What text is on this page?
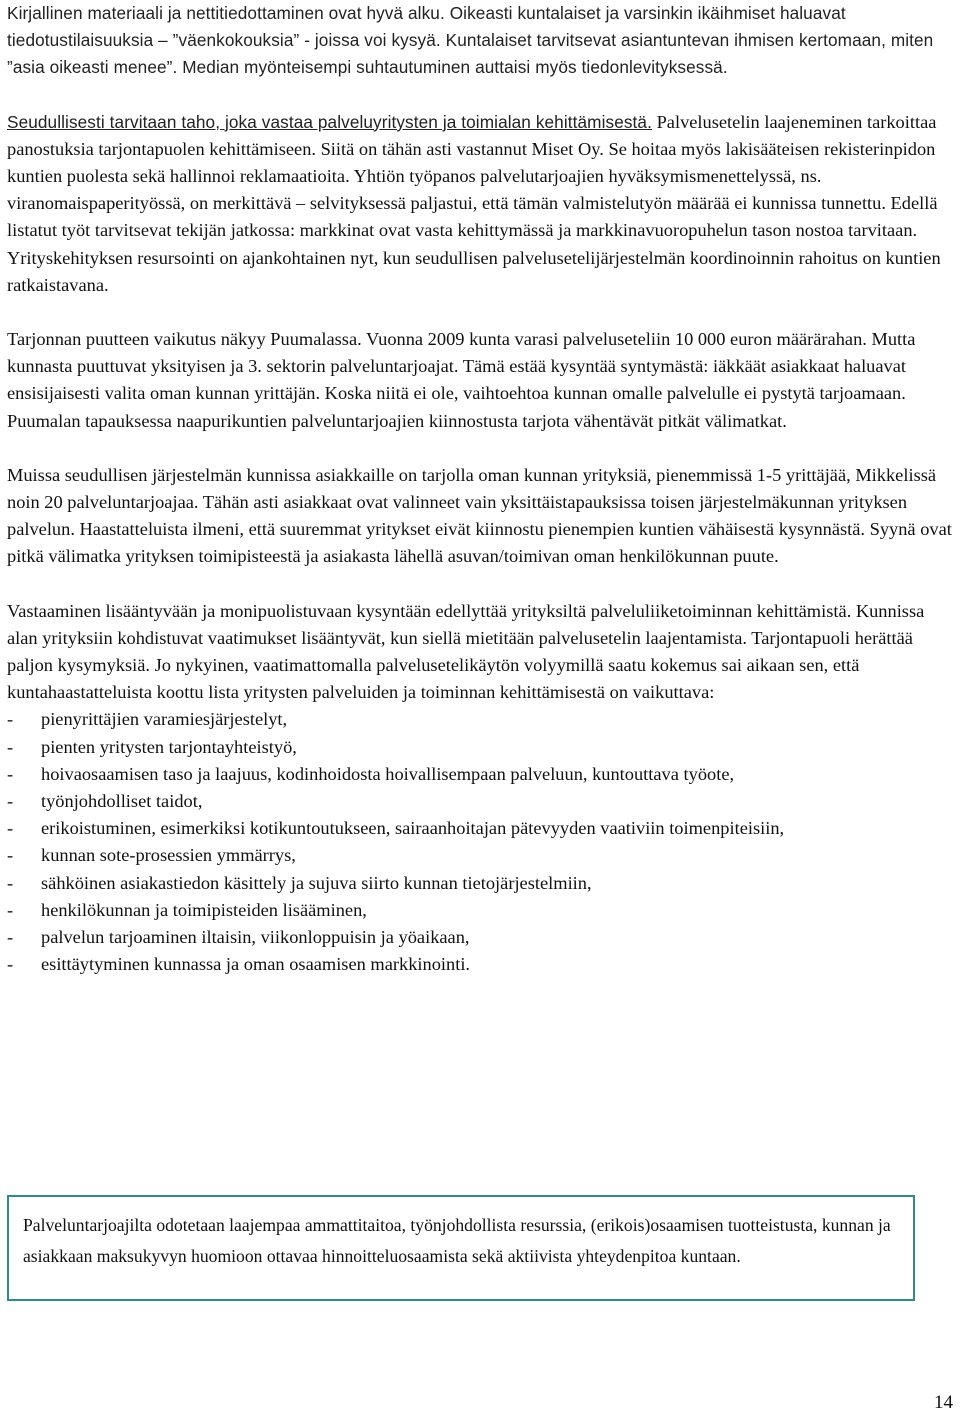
Kirjallinen materiaali ja nettitiedottaminen ovat hyvä alku. Oikeasti kuntalaiset ja varsinkin ikäihmiset haluavat tiedotustilaisuuksia – ”väenkokouksia” - joissa voi kysyä. Kuntalaiset tarvitsevat asiantuntevan ihmisen kertomaan, miten ”asia oikeasti menee”. Median myönteisempi suhtautuminen auttaisi myös tiedonlevityksessä.

Seudullisesti tarvitaan taho, joka vastaa palveluyritysten ja toimialan kehittämisestä. Palvelusetelin laajeneminen tarkoittaa panostuksia tarjontapuolen kehittämiseen. Siitä on tähän asti vastannut Miset Oy. Se hoitaa myös lakisääteisen rekisterinpidon kuntien puolesta sekä hallinnoi reklamaatioita. Yhtiön työpanos palvelutarjoajien hyväksymismenettelyssä, ns. viranomaispaperityössä, on merkittävä – selvityksessä paljastui, että tämän valmistelutyön määrää ei kunnissa tunnettu. Edellä listatut työt tarvitsevat tekijän jatkossa: markkinat ovat vasta kehittymässä ja markkinavuoropuhelun tason nostoa tarvitaan. Yrityskehityksen resursointi on ajankohtainen nyt, kun seudullisen palvelusetelijärjestelmän koordinoinnin rahoitus on kuntien ratkaistavana.

Tarjonnan puutteen vaikutus näkyy Puumalassa. Vuonna 2009 kunta varasi palveluseteliin 10 000 euron määrärahan. Mutta kunnasta puuttuvat yksityisen ja 3. sektorin palveluntarjoajat. Tämä estää kysyntää syntymästä: iäkkäät asiakkaat haluavat ensisijaisesti valita oman kunnan yrittäjän. Koska niitä ei ole, vaihtoehtoa kunnan omalle palvelulle ei pystytä tarjoamaan. Puumalan tapauksessa naapurikuntien palveluntarjoajien kiinnostusta tarjota vähentävät pitkät välimatkat.

Muissa seudullisen järjestelmän kunnissa asiakkaille on tarjolla oman kunnan yrityksiä, pienemmissä 1-5 yrittäjää, Mikkelissä noin 20 palveluntarjoajaa. Tähän asti asiakkaat ovat valinneet vain yksittäistapauksissa toisen järjestelmäkunnan yrityksen palvelun. Haastatteluista ilmeni, että suuremmat yritykset eivät kiinnostu pienempien kuntien vähäisestä kysynnästä. Syynä ovat pitkä välimatka yrityksen toimipisteestä ja asiakasta lähellä asuvan/toimivan oman henkilökunnan puute.

Vastaaminen lisääntyvään ja monipuolistuvaan kysyntään edellyttää yrityksiltä palveluliiketoiminnan kehittämistä. Kunnissa alan yrityksiin kohdistuvat vaatimukset lisääntyvät, kun siellä mietitään palvelusetelin laajentamista. Tarjontapuoli herättää paljon kysymyksiä. Jo nykyinen, vaatimattomalla palvelusetelikäytön volyymillä saatu kokemus sai aikaan sen, että kuntahaastatteluista koottu lista yritysten palveluiden ja toiminnan kehittämisestä on vaikuttava:

-	pienyrittäjien varamiesjärjestelyt,
-	pienten yritysten tarjontayhteistyö,
-	hoivaosaamisen taso ja laajuus, kodinhoidosta hoivallisempaan palveluun, kuntouttava työote,
-	työnjohdolliset taidot,
-	erikoistuminen, esimerkiksi kotikuntoutukseen, sairaanhoitajan pätevyyden vaativiin toimenpiteisiin,
-	kunnan sote-prosessien ymmärrys,
-	sähköinen asiakastiedon käsittely ja sujuva siirto kunnan tietojärjestelmiin,
-	henkilökunnan ja toimipisteiden lisääminen,
-	palvelun tarjoaminen iltaisin, viikonloppuisin ja yöaikaan,
-	esittäytyminen kunnassa ja oman osaamisen markkinointi.

Palveluntarjoajilta odotetaan laajempaa ammattitaitoa, työnjohdollista resurssia, (erikois)osaamisen tuotteistusta, kunnan ja asiakkaan maksukyvyn huomioon ottavaa hinnoitteluosaamista sekä aktiivista yhteydenpitoa kuntaan.

14
